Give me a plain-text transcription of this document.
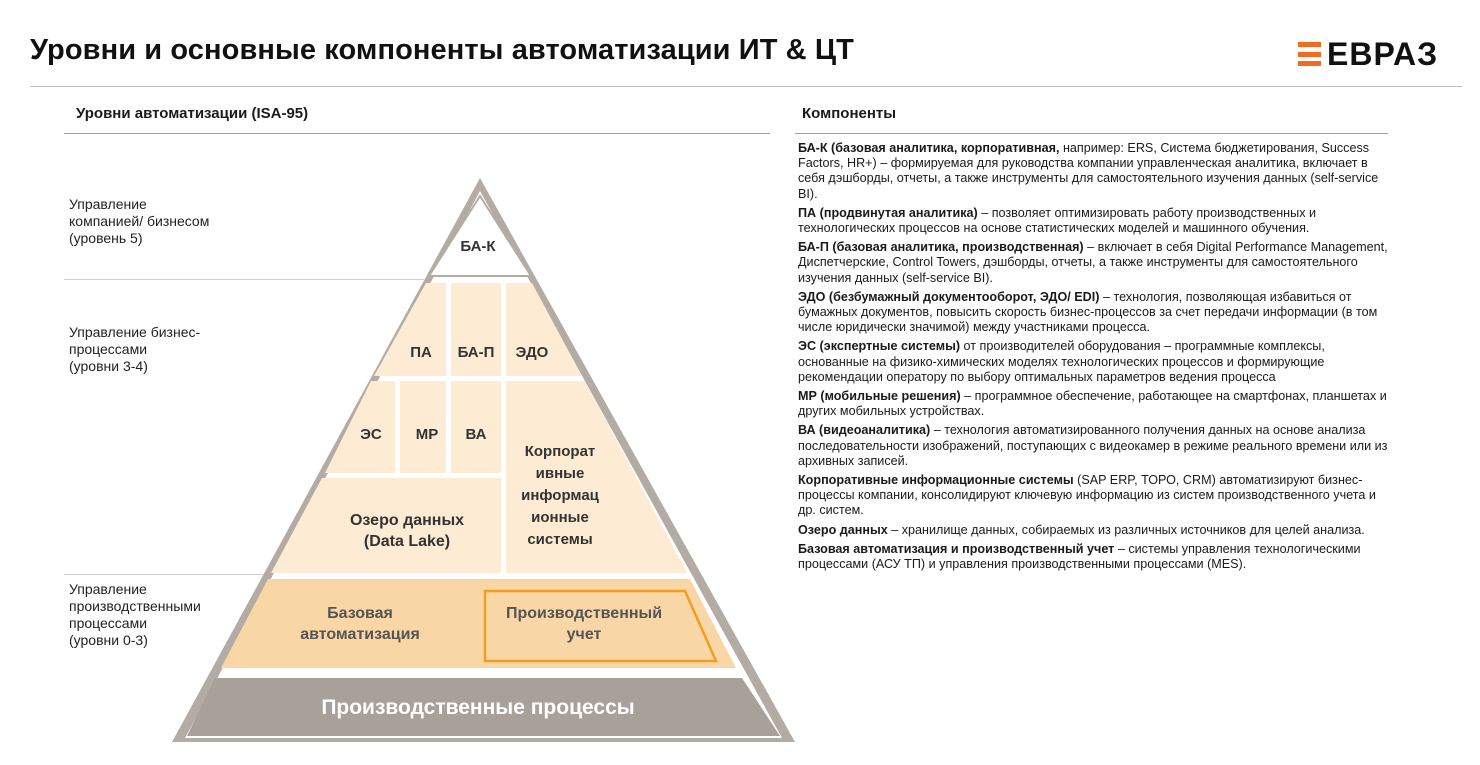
Уровни и основные компоненты автоматизации ИТ & ЦТ	ЕВРАЗ
Уровни автоматизации (ISA-95)	Компоненты
Управление
компанией/ бизнесом
(уровень 5)
Управление бизнес-
процессами
(уровни 3-4)
Управление
производственными
процессами
(уровни 0-3)
БА-К
ПА БА-П ЭДО
ЭС МР ВА
Корпорат
ивные
информац
ионные
системы
Озеро данных
(Data Lake)
Базовая
автоматизация
Производственный
учет
Производственные процессы

БА-К (базовая аналитика, корпоративная, например: ERS, Система бюджетирования, Success Factors, HR+) – формируемая для руководства компании управленческая аналитика, включает в себя дэшборды, отчеты, а также инструменты для самостоятельного изучения данных (self-service BI).

ПА (продвинутая аналитика) – позволяет оптимизировать работу производственных и технологических процессов на основе статистических моделей и машинного обучения.

БА-П (базовая аналитика, производственная) – включает в себя Digital Performance Management, Диспетчерские, Control Towers, дэшборды, отчеты, а также инструменты для самостоятельного изучения данных (self-service BI).

ЭДО (безбумажный документооборот, ЭДО/ EDI) – технология, позволяющая избавиться от бумажных документов, повысить скорость бизнес-процессов за счет передачи информации (в том числе юридически значимой) между участниками процесса.

ЭС (экспертные системы) от производителей оборудования – программные комплексы, основанные на физико-химических моделях технологических процессов и формирующие рекомендации оператору по выбору оптимальных параметров ведения процесса

МР (мобильные решения) – программное обеспечение, работающее на смартфонах, планшетах и других мобильных устройствах.

ВА (видеоаналитика) – технология автоматизированного получения данных на основе анализа последовательности изображений, поступающих с видеокамер в режиме реального времени или из архивных записей.

Корпоративные информационные системы (SAP ERP, ТОРО, CRM) автоматизируют бизнес-процессы компании, консолидируют ключевую информацию из систем производственного учета и др. систем.

Озеро данных – хранилище данных, собираемых из различных источников для целей анализа.

Базовая автоматизация и производственный учет – системы управления технологическими процессами (АСУ ТП) и управления производственными процессами (MES).
